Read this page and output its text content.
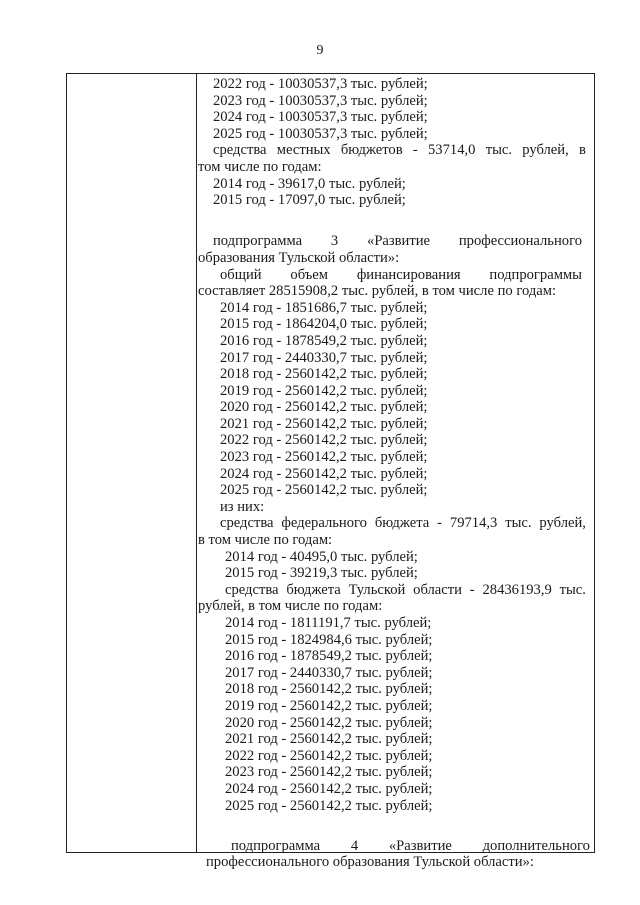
9
2022 год - 10030537,3 тыс. рублей;
2023 год - 10030537,3 тыс. рублей;
2024 год - 10030537,3 тыс. рублей;
2025 год - 10030537,3 тыс. рублей;
средства местных бюджетов - 53714,0 тыс. рублей, в
том числе по годам:
2014 год - 39617,0 тыс. рублей;
2015 год - 17097,0 тыс. рублей;
подпрограмма 3 «Развитие профессионального
образования Тульской области»:
общий объем финансирования подпрограммы
составляет 28515908,2 тыс. рублей, в том числе по годам:
2014 год - 1851686,7 тыс. рублей;
2015 год - 1864204,0 тыс. рублей;
2016 год - 1878549,2 тыс. рублей;
2017 год - 2440330,7 тыс. рублей;
2018 год - 2560142,2 тыс. рублей;
2019 год - 2560142,2 тыс. рублей;
2020 год - 2560142,2 тыс. рублей;
2021 год - 2560142,2 тыс. рублей;
2022 год - 2560142,2 тыс. рублей;
2023 год - 2560142,2 тыс. рублей;
2024 год - 2560142,2 тыс. рублей;
2025 год - 2560142,2 тыс. рублей;
из них:
средства федерального бюджета - 79714,3 тыс. рублей,
в том числе по годам:
2014 год - 40495,0 тыс. рублей;
2015 год - 39219,3 тыс. рублей;
средства бюджета Тульской области - 28436193,9 тыс.
рублей, в том числе по годам:
2014 год - 1811191,7 тыс. рублей;
2015 год - 1824984,6 тыс. рублей;
2016 год - 1878549,2 тыс. рублей;
2017 год - 2440330,7 тыс. рублей;
2018 год - 2560142,2 тыс. рублей;
2019 год - 2560142,2 тыс. рублей;
2020 год - 2560142,2 тыс. рублей;
2021 год - 2560142,2 тыс. рублей;
2022 год - 2560142,2 тыс. рублей;
2023 год - 2560142,2 тыс. рублей;
2024 год - 2560142,2 тыс. рублей;
2025 год - 2560142,2 тыс. рублей;
подпрограмма 4 «Развитие дополнительного
профессионального образования Тульской области»:
